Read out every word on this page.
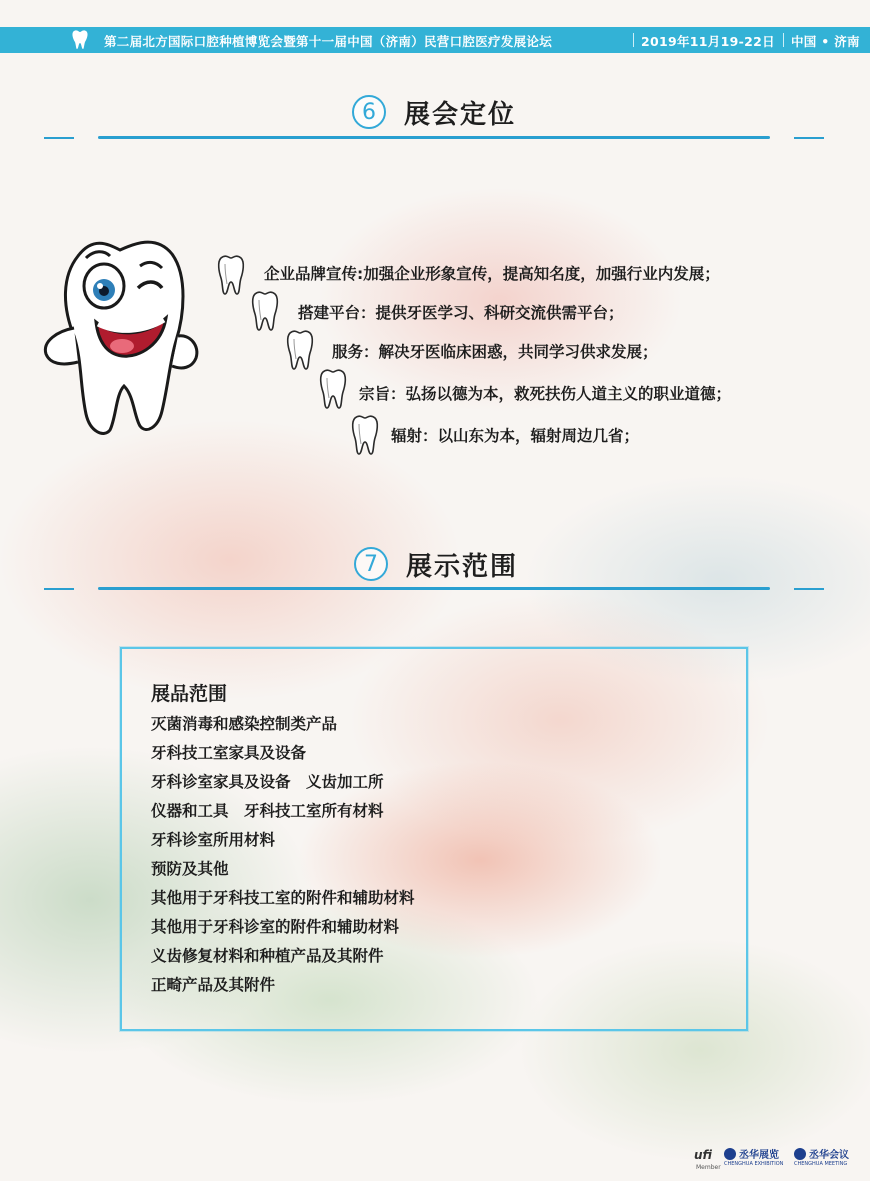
第二届北方国际口腔种植博览会暨第十一届中国（济南）民营口腔医疗发展论坛	2019年11月19-22日 中国 • 济南
6	展会定位
企业品牌宣传:加强企业形象宣传，提高知名度，加强行业内发展；
搭建平台：提供牙医学习、科研交流供需平台；
服务：解决牙医临床困惑，共同学习供求发展；
宗旨：弘扬以德为本，救死扶伤人道主义的职业道德；
辐射：以山东为本，辐射周边几省；
7	展示范围
展品范围
灭菌消毒和感染控制类产品
牙科技工室家具及设备
牙科诊室家具及设备　义齿加工所
仪器和工具　牙科技工室所有材料
牙科诊室所用材料
预防及其他
其他用于牙科技工室的附件和辅助材料
其他用于牙科诊室的附件和辅助材料
义齿修复材料和种植产品及其附件
正畸产品及其附件
ufi
Member
丞华展览
CHENGHUA EXHIBITION
丞华会议
CHENGHUA MEETING
